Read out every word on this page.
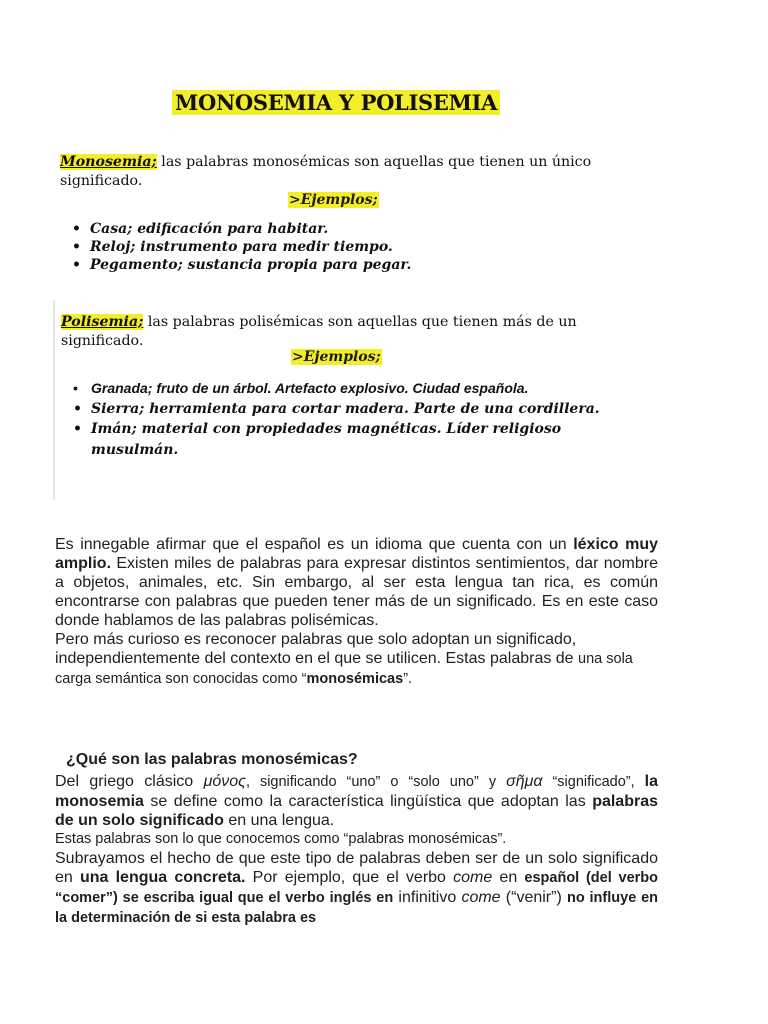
MONOSEMIA Y POLISEMIA

Monosemia; las palabras monosémicas son aquellas que tienen un único significado.

>Ejemplos;

• Casa; edificación para habitar.
• Reloj; instrumento para medir tiempo.
• Pegamento; sustancia propia para pegar.

Polisemia; las palabras polisémicas son aquellas que tienen más de un significado.

>Ejemplos;

• Granada; fruto de un árbol. Artefacto explosivo. Ciudad española.
• Sierra; herramienta para cortar madera. Parte de una cordillera.
• Imán; material con propiedades magnéticas. Líder religioso musulmán.

Es innegable afirmar que el español es un idioma que cuenta con un léxico muy amplio. Existen miles de palabras para expresar distintos sentimientos, dar nombre a objetos, animales, etc. Sin embargo, al ser esta lengua tan rica, es común encontrarse con palabras que pueden tener más de un significado. Es en este caso donde hablamos de las palabras polisémicas.

Pero más curioso es reconocer palabras que solo adoptan un significado, independientemente del contexto en el que se utilicen. Estas palabras de una sola carga semántica son conocidas como “monosémicas”.

¿Qué son las palabras monosémicas?

Del griego clásico μόνος, significando “uno” o “solo uno” y σῆμα “significado”, la monosemia se define como la característica lingüística que adoptan las palabras de un solo significado en una lengua.

Estas palabras son lo que conocemos como “palabras monosémicas”.

Subrayamos el hecho de que este tipo de palabras deben ser de un solo significado en una lengua concreta. Por ejemplo, que el verbo come en español (del verbo “comer”) se escriba igual que el verbo inglés en infinitivo come (“venir”) no influye en la determinación de si esta palabra es
